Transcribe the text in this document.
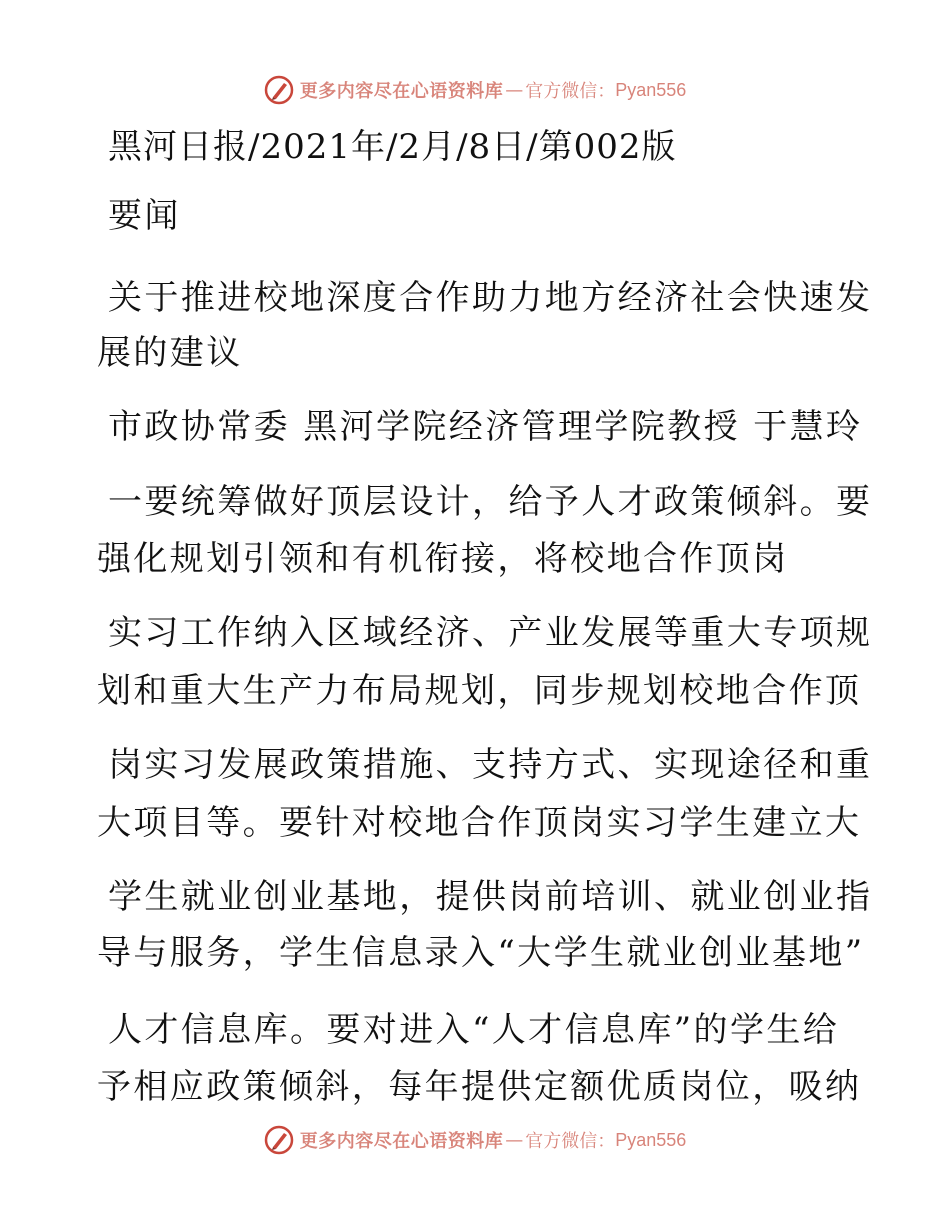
更多内容尽在心语资料库 — 官方微信： Pyan556
黑河日报/2021年/2月/8日/第002版
要闻
关于推进校地深度合作助力地方经济社会快速发
展的建议
市政协常委 黑河学院经济管理学院教授 于慧玲
一要统筹做好顶层设计，给予人才政策倾斜。要
强化规划引领和有机衔接，将校地合作顶岗
实习工作纳入区域经济、产业发展等重大专项规
划和重大生产力布局规划，同步规划校地合作顶
岗实习发展政策措施、支持方式、实现途径和重
大项目等。要针对校地合作顶岗实习学生建立大
学生就业创业基地，提供岗前培训、就业创业指
导与服务，学生信息录入“大学生就业创业基地”
人才信息库。要对进入“人才信息库”的学生给
予相应政策倾斜，每年提供定额优质岗位，吸纳
更多内容尽在心语资料库 — 官方微信： Pyan556
